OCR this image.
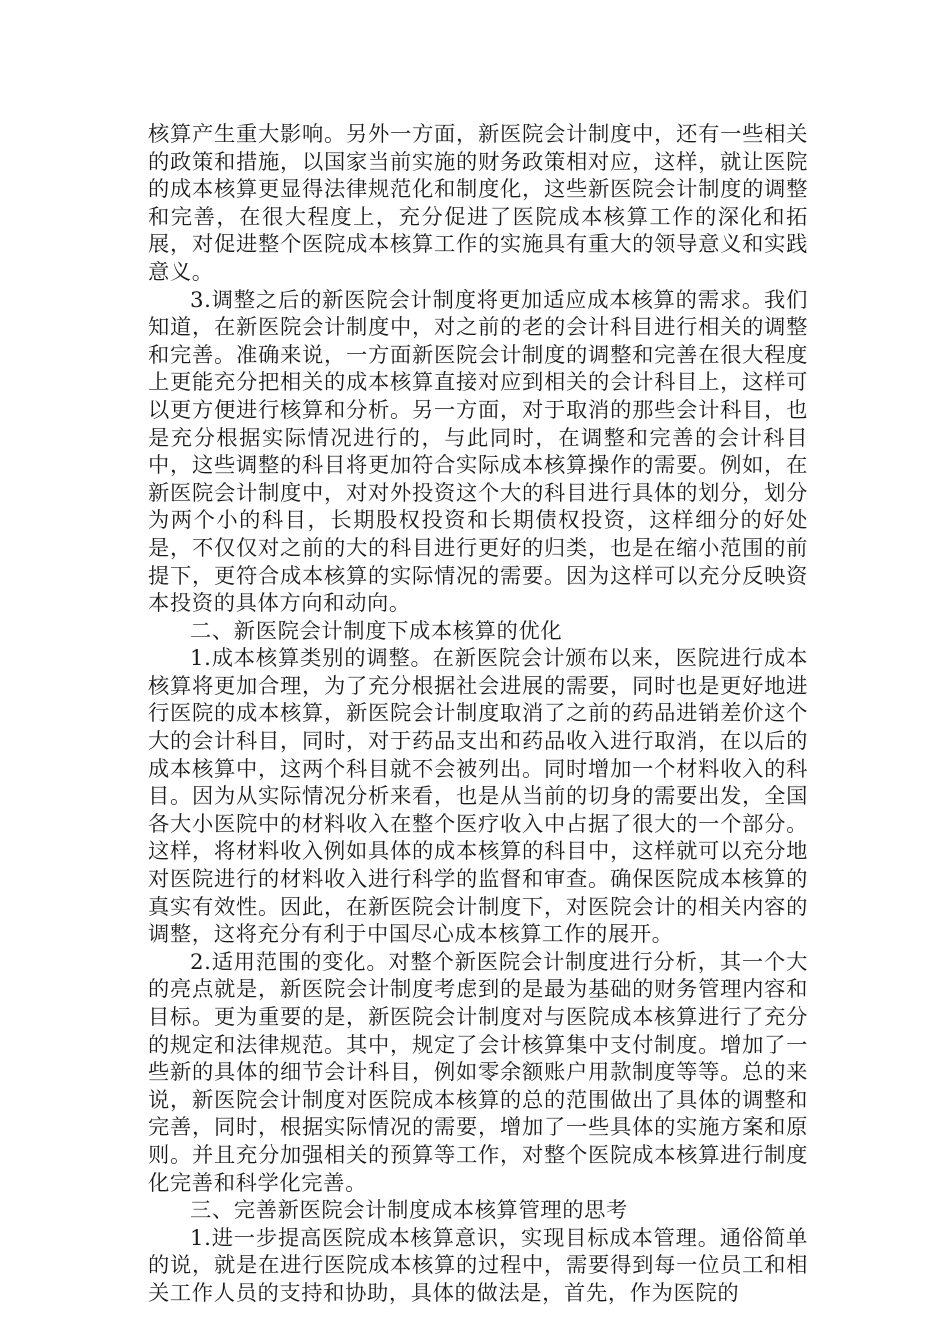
核算产生重大影响。另外一方面，新医院会计制度中，还有一些相关的政策和措施，以国家当前实施的财务政策相对应，这样，就让医院的成本核算更显得法律规范化和制度化，这些新医院会计制度的调整和完善，在很大程度上，充分促进了医院成本核算工作的深化和拓展，对促进整个医院成本核算工作的实施具有重大的领导意义和实践意义。

3.调整之后的新医院会计制度将更加适应成本核算的需求。我们知道，在新医院会计制度中，对之前的老的会计科目进行相关的调整和完善。准确来说，一方面新医院会计制度的调整和完善在很大程度上更能充分把相关的成本核算直接对应到相关的会计科目上，这样可以更方便进行核算和分析。另一方面，对于取消的那些会计科目，也是充分根据实际情况进行的，与此同时，在调整和完善的会计科目中，这些调整的科目将更加符合实际成本核算操作的需要。例如，在新医院会计制度中，对对外投资这个大的科目进行具体的划分，划分为两个小的科目，长期股权投资和长期债权投资，这样细分的好处是，不仅仅对之前的大的科目进行更好的归类，也是在缩小范围的前提下，更符合成本核算的实际情况的需要。因为这样可以充分反映资本投资的具体方向和动向。

二、新医院会计制度下成本核算的优化

1.成本核算类别的调整。在新医院会计颁布以来，医院进行成本核算将更加合理，为了充分根据社会进展的需要，同时也是更好地进行医院的成本核算，新医院会计制度取消了之前的药品进销差价这个大的会计科目，同时，对于药品支出和药品收入进行取消，在以后的成本核算中，这两个科目就不会被列出。同时增加一个材料收入的科目。因为从实际情况分析来看，也是从当前的切身的需要出发，全国各大小医院中的材料收入在整个医疗收入中占据了很大的一个部分。这样，将材料收入例如具体的成本核算的科目中，这样就可以充分地对医院进行的材料收入进行科学的监督和审查。确保医院成本核算的真实有效性。因此，在新医院会计制度下，对医院会计的相关内容的调整，这将充分有利于中国尽心成本核算工作的展开。

2.适用范围的变化。对整个新医院会计制度进行分析，其一个大的亮点就是，新医院会计制度考虑到的是最为基础的财务管理内容和目标。更为重要的是，新医院会计制度对与医院成本核算进行了充分的规定和法律规范。其中，规定了会计核算集中支付制度。增加了一些新的具体的细节会计科目，例如零余额账户用款制度等等。总的来说，新医院会计制度对医院成本核算的总的范围做出了具体的调整和完善，同时，根据实际情况的需要，增加了一些具体的实施方案和原则。并且充分加强相关的预算等工作，对整个医院成本核算进行制度化完善和科学化完善。

三、完善新医院会计制度成本核算管理的思考

1.进一步提高医院成本核算意识，实现目标成本管理。通俗简单的说，就是在进行医院成本核算的过程中，需要得到每一位员工和相关工作人员的支持和协助，具体的做法是，首先，作为医院的
